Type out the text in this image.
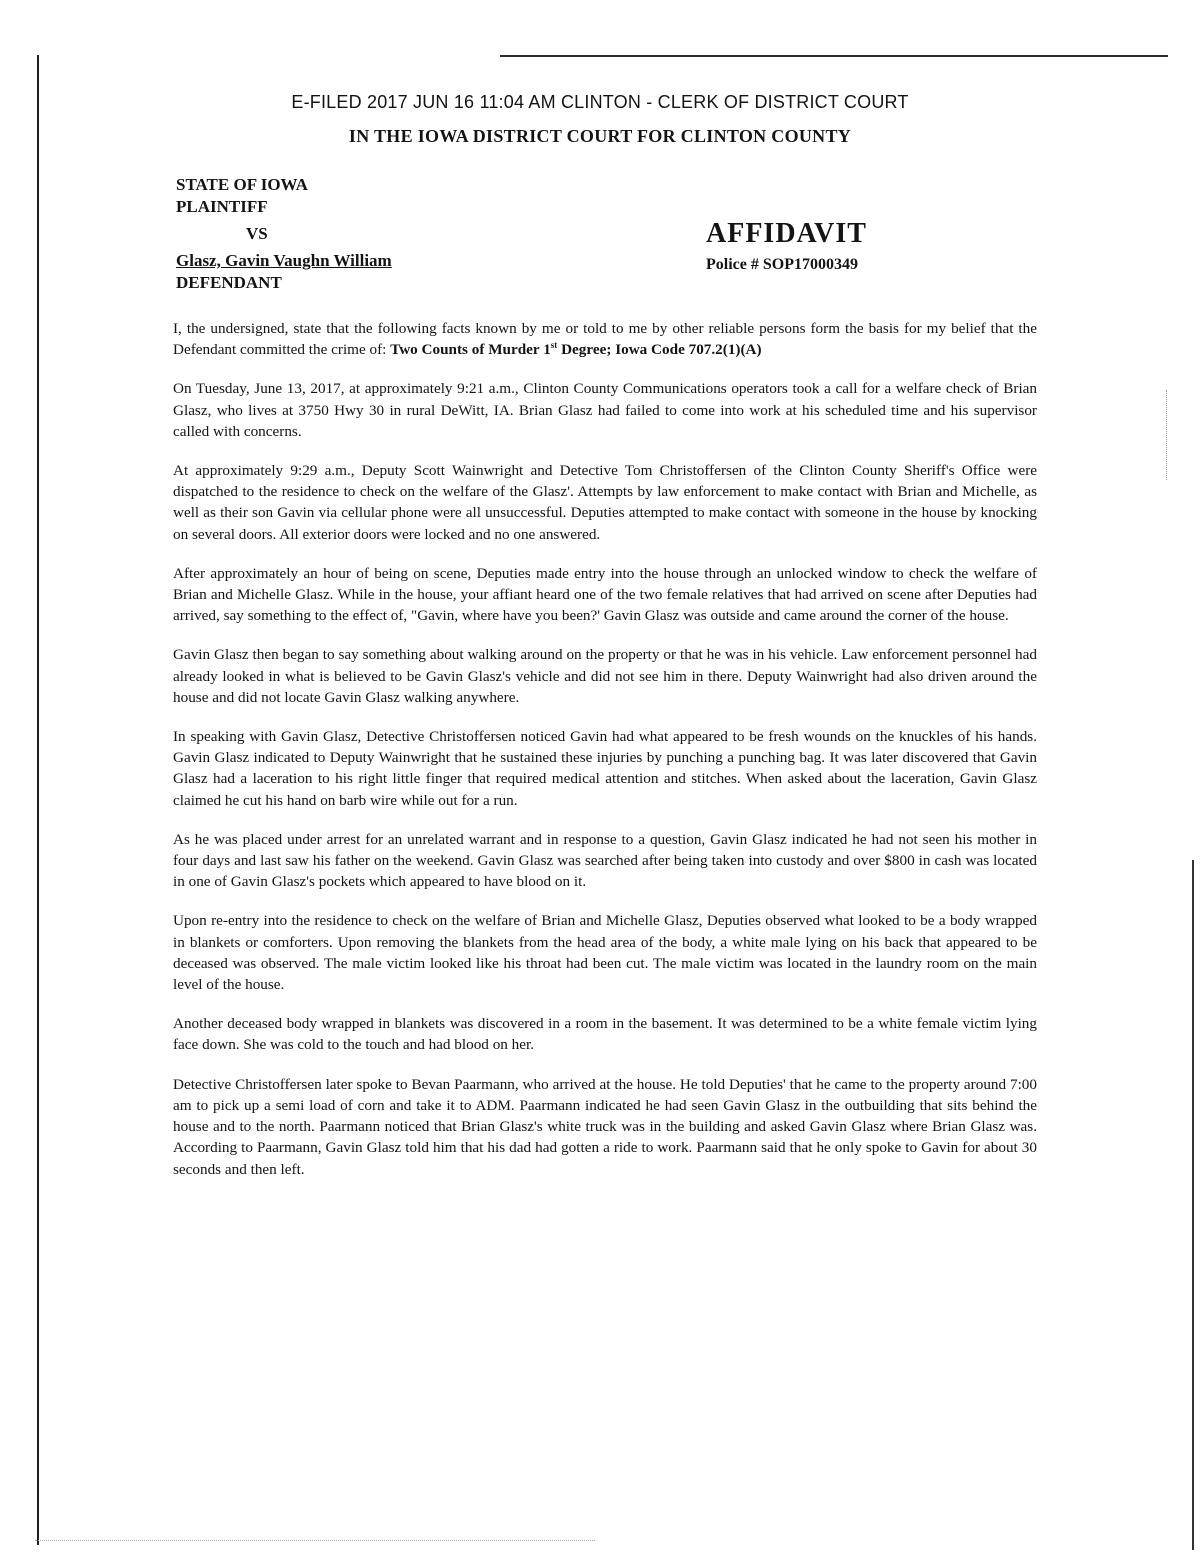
E-FILED 2017 JUN 16 11:04 AM CLINTON - CLERK OF DISTRICT COURT
IN THE IOWA DISTRICT COURT FOR CLINTON COUNTY
STATE OF IOWA
PLAINTIFF
VS
Glasz, Gavin Vaughn William
DEFENDANT
AFFIDAVIT
Police # SOP17000349

I, the undersigned, state that the following facts known by me or told to me by other reliable persons form the basis for my belief that the Defendant committed the crime of: Two Counts of Murder 1st Degree; Iowa Code 707.2(1)(A)

On Tuesday, June 13, 2017, at approximately 9:21 a.m., Clinton County Communications operators took a call for a welfare check of Brian Glasz, who lives at 3750 Hwy 30 in rural DeWitt, IA. Brian Glasz had failed to come into work at his scheduled time and his supervisor called with concerns.

At approximately 9:29 a.m., Deputy Scott Wainwright and Detective Tom Christoffersen of the Clinton County Sheriff's Office were dispatched to the residence to check on the welfare of the Glasz'. Attempts by law enforcement to make contact with Brian and Michelle, as well as their son Gavin via cellular phone were all unsuccessful. Deputies attempted to make contact with someone in the house by knocking on several doors. All exterior doors were locked and no one answered.

After approximately an hour of being on scene, Deputies made entry into the house through an unlocked window to check the welfare of Brian and Michelle Glasz. While in the house, your affiant heard one of the two female relatives that had arrived on scene after Deputies had arrived, say something to the effect of, "Gavin, where have you been?' Gavin Glasz was outside and came around the corner of the house.

Gavin Glasz then began to say something about walking around on the property or that he was in his vehicle. Law enforcement personnel had already looked in what is believed to be Gavin Glasz's vehicle and did not see him in there. Deputy Wainwright had also driven around the house and did not locate Gavin Glasz walking anywhere.

In speaking with Gavin Glasz, Detective Christoffersen noticed Gavin had what appeared to be fresh wounds on the knuckles of his hands. Gavin Glasz indicated to Deputy Wainwright that he sustained these injuries by punching a punching bag. It was later discovered that Gavin Glasz had a laceration to his right little finger that required medical attention and stitches. When asked about the laceration, Gavin Glasz claimed he cut his hand on barb wire while out for a run.

As he was placed under arrest for an unrelated warrant and in response to a question, Gavin Glasz indicated he had not seen his mother in four days and last saw his father on the weekend. Gavin Glasz was searched after being taken into custody and over $800 in cash was located in one of Gavin Glasz's pockets which appeared to have blood on it.

Upon re-entry into the residence to check on the welfare of Brian and Michelle Glasz, Deputies observed what looked to be a body wrapped in blankets or comforters. Upon removing the blankets from the head area of the body, a white male lying on his back that appeared to be deceased was observed. The male victim looked like his throat had been cut. The male victim was located in the laundry room on the main level of the house.

Another deceased body wrapped in blankets was discovered in a room in the basement. It was determined to be a white female victim lying face down. She was cold to the touch and had blood on her.

Detective Christoffersen later spoke to Bevan Paarmann, who arrived at the house. He told Deputies' that he came to the property around 7:00 am to pick up a semi load of corn and take it to ADM. Paarmann indicated he had seen Gavin Glasz in the outbuilding that sits behind the house and to the north. Paarmann noticed that Brian Glasz's white truck was in the building and asked Gavin Glasz where Brian Glasz was. According to Paarmann, Gavin Glasz told him that his dad had gotten a ride to work. Paarmann said that he only spoke to Gavin for about 30 seconds and then left.
